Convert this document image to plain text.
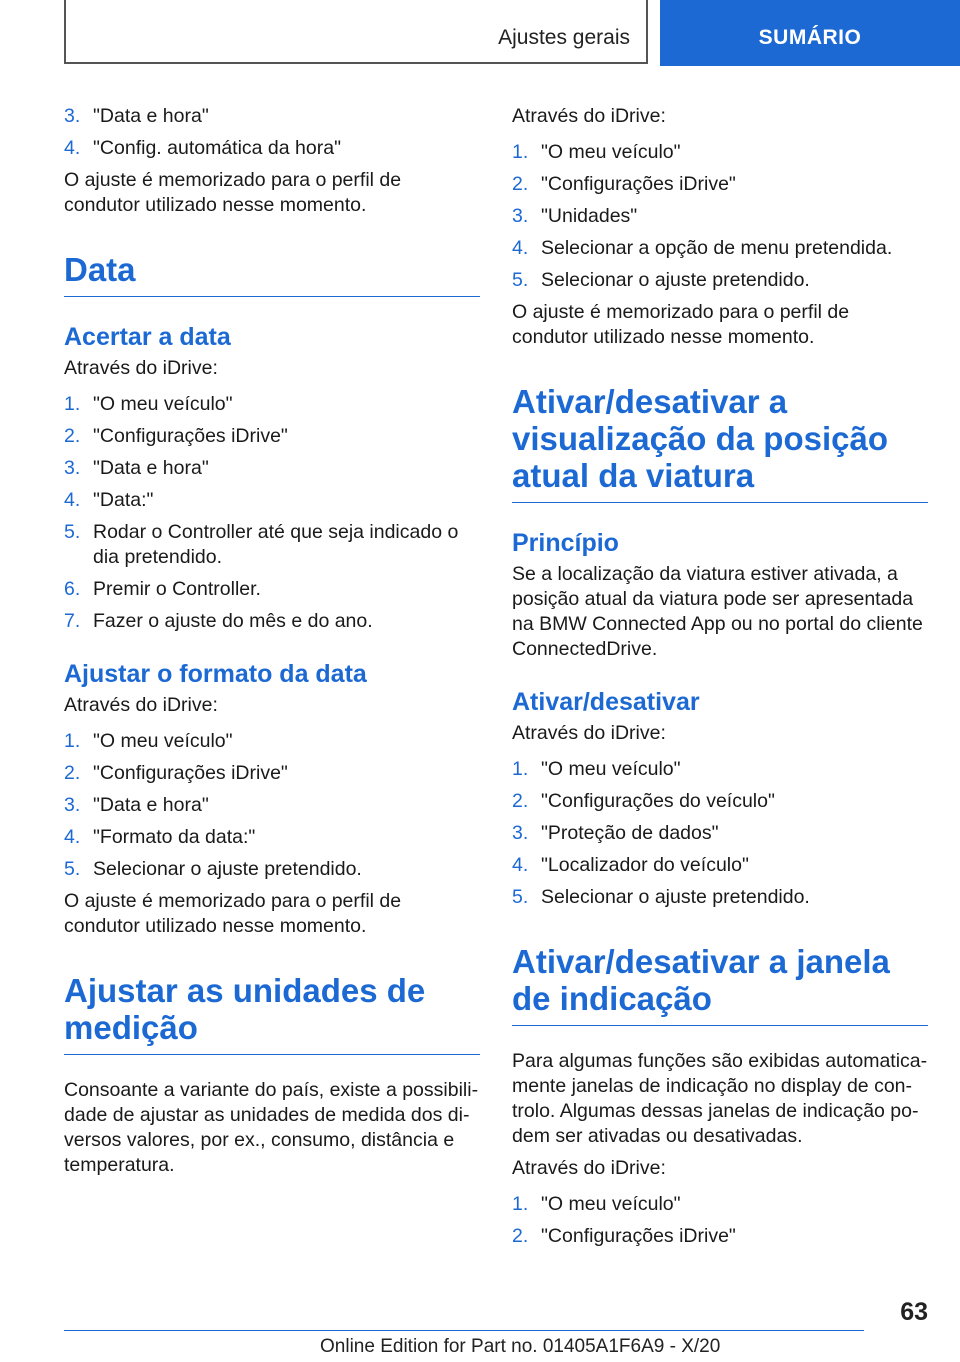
Ajustes gerais	SUMÁRIO
3. "Data e hora"
4. "Config. automática da hora"

O ajuste é memorizado para o perfil de condutor utilizado nesse momento.

Data
Acertar a data

Através do iDrive:

1. "O meu veículo"
2. "Configurações iDrive"
3. "Data e hora"
4. "Data:"
5. Rodar o Controller até que seja indicado o dia pretendido.
6. Premir o Controller.
7. Fazer o ajuste do mês e do ano.
Ajustar o formato da data

Através do iDrive:

1. "O meu veículo"
2. "Configurações iDrive"
3. "Data e hora"
4. "Formato da data:"
5. Selecionar o ajuste pretendido.

O ajuste é memorizado para o perfil de condutor utilizado nesse momento.

Ajustar as unidades de medição

Consoante a variante do país, existe a possibilidade de ajustar as unidades de medida dos diversos valores, por ex., consumo, distância e temperatura.

Através do iDrive:

1. "O meu veículo"
2. "Configurações iDrive"
3. "Unidades"
4. Selecionar a opção de menu pretendida.
5. Selecionar o ajuste pretendido.

O ajuste é memorizado para o perfil de condutor utilizado nesse momento.

Ativar/desativar a visualização da posição atual da viatura
Princípio

Se a localização da viatura estiver ativada, a posição atual da viatura pode ser apresentada na BMW Connected App ou no portal do cliente ConnectedDrive.

Ativar/desativar

Através do iDrive:

1. "O meu veículo"
2. "Configurações do veículo"
3. "Proteção de dados"
4. "Localizador do veículo"
5. Selecionar o ajuste pretendido.
Ativar/desativar a janela de indicação

Para algumas funções são exibidas automaticamente janelas de indicação no display de controlo. Algumas dessas janelas de indicação podem ser ativadas ou desativadas.

Através do iDrive:

1. "O meu veículo"
2. "Configurações iDrive"
63
Online Edition for Part no. 01405A1F6A9 - X/20
